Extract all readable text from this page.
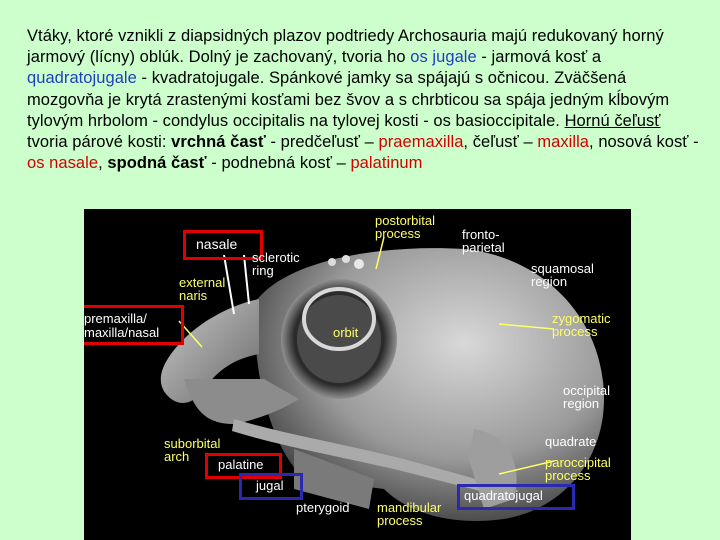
Vtáky, ktoré vznikli z diapsidných plazov podtriedy Archosauria majú redukovaný horný jarmový (lícny) oblúk. Dolný je zachovaný, tvoria ho os jugale - jarmová kosť a quadratojugale - kvadratojugale. Spánkové jamky sa spájajú s očnicou. Zväčšená mozgovňa je krytá zrastenými kosťami bez švov a s chrbticou sa spája jedným kĺbovým tylovým hrbolom - condylus occipitalis na tylovej kosti - os basioccipitale. Hornú čeľusť tvoria párové kosti: vrchná časť - predčeľusť – praemaxilla, čeľusť – maxilla, nosová kosť - os nasale, spodná časť - podnebná kosť – palatinum
nasale
sclerotic
ring
external
naris
premaxilla/
maxilla/nasal
postorbital
process	fronto-
parietal
squamosal
region
orbit
zygomatic
process
occipital
region
suborbital
arch
palatine
quadrate
paroccipital
process
jugal
quadratojugal
pterygoid mandibular
process
